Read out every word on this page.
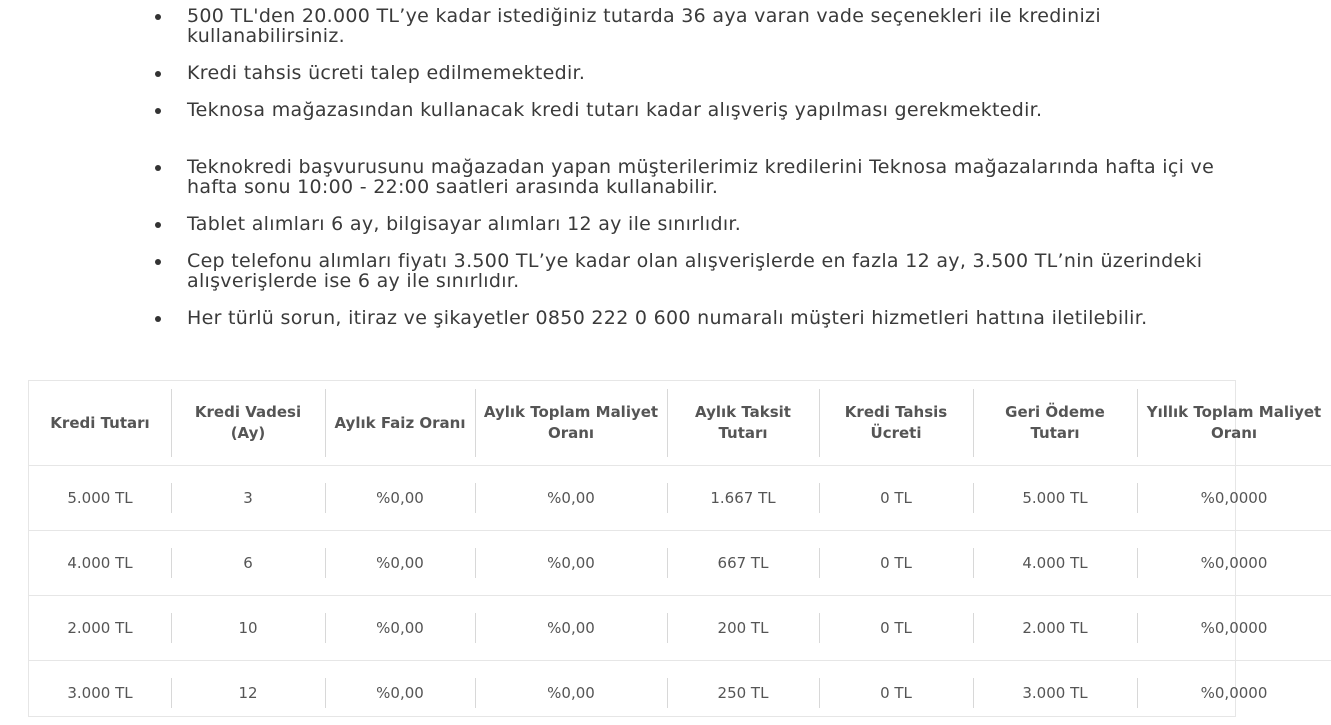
500 TL'den 20.000 TL’ye kadar istediğiniz tutarda 36 aya varan vade seçenekleri ile kredinizi kullanabilirsiniz.
Kredi tahsis ücreti talep edilmemektedir.
Teknosa mağazasından kullanacak kredi tutarı kadar alışveriş yapılması gerekmektedir.
Teknokredi başvurusunu mağazadan yapan müşterilerimiz kredilerini Teknosa mağazalarında hafta içi ve hafta sonu 10:00 - 22:00 saatleri arasında kullanabilir.
Tablet alımları 6 ay, bilgisayar alımları 12 ay ile sınırlıdır.
Cep telefonu alımları fiyatı 3.500 TL’ye kadar olan alışverişlerde en fazla 12 ay, 3.500 TL’nin üzerindeki alışverişlerde ise 6 ay ile sınırlıdır.
Her türlü sorun, itiraz ve şikayetler 0850 222 0 600 numaralı müşteri hizmetleri hattına iletilebilir.
Kredi Tutarı	Kredi Vadesi (Ay)	Aylık Faiz Oranı	Aylık Toplam Maliyet Oranı	Aylık Taksit Tutarı	Kredi Tahsis Ücreti	Geri Ödeme Tutarı	Yıllık Toplam Maliyet Oranı
5.000 TL	3	%0,00	%0,00	1.667 TL	0 TL	5.000 TL	%0,0000
4.000 TL	6	%0,00	%0,00	667 TL	0 TL	4.000 TL	%0,0000
2.000 TL	10	%0,00	%0,00	200 TL	0 TL	2.000 TL	%0,0000
3.000 TL	12	%0,00	%0,00	250 TL	0 TL	3.000 TL	%0,0000
